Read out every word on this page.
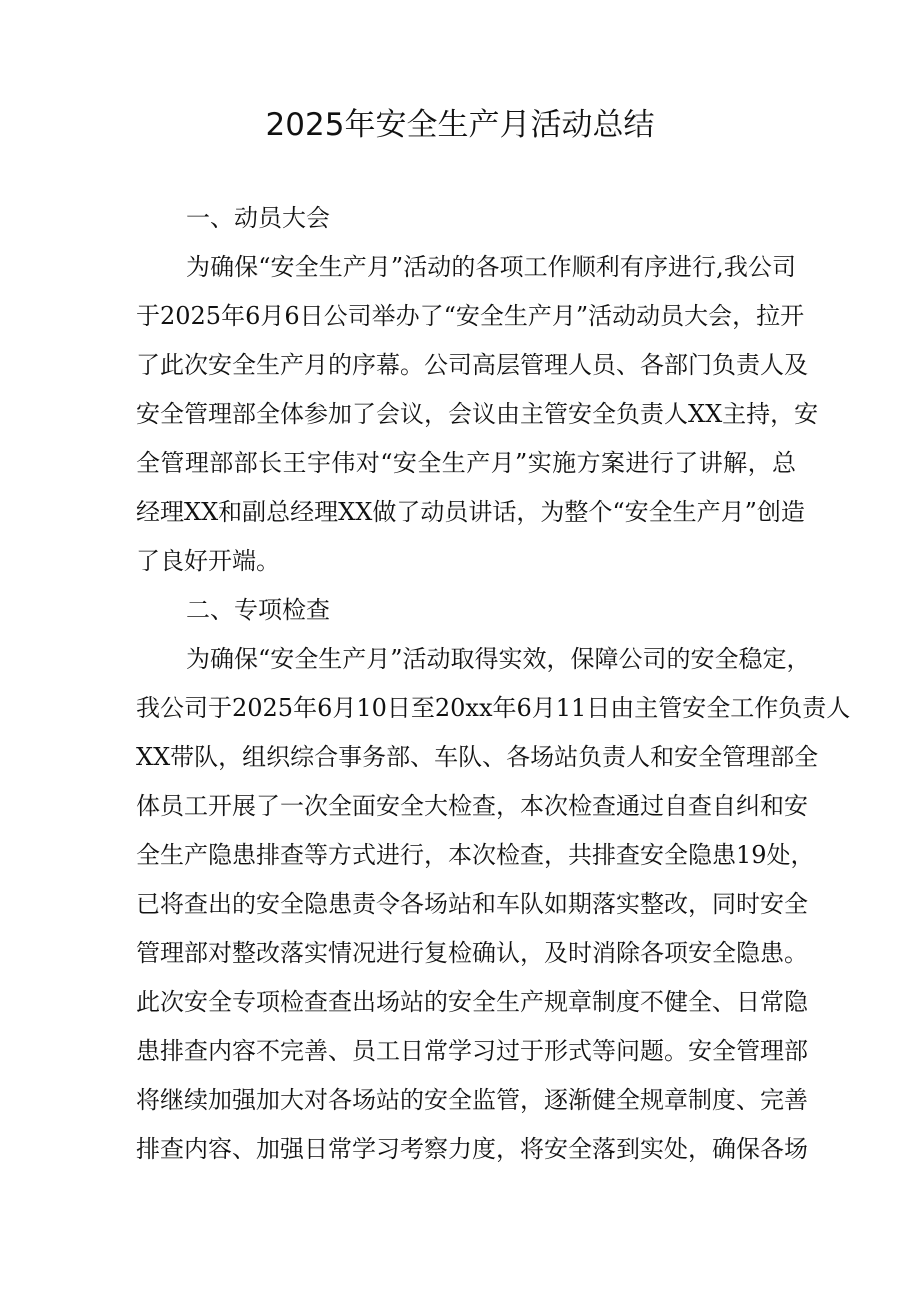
2025年安全生产月活动总结
一、动员大会
为确保“安全生产月”活动的各项工作顺利有序进行,我公司
于2025年6月6日公司举办了“安全生产月”活动动员大会，拉开
了此次安全生产月的序幕。公司高层管理人员、各部门负责人及
安全管理部全体参加了会议，会议由主管安全负责人XX主持，安
全管理部部长王宇伟对“安全生产月”实施方案进行了讲解，总
经理XX和副总经理XX做了动员讲话，为整个“安全生产月”创造
了良好开端。
二、专项检查
为确保“安全生产月”活动取得实效，保障公司的安全稳定，
我公司于2025年6月10日至20xx年6月11日由主管安全工作负责人
XX带队，组织综合事务部、车队、各场站负责人和安全管理部全
体员工开展了一次全面安全大检查，本次检查通过自查自纠和安
全生产隐患排查等方式进行，本次检查，共排查安全隐患19处，
已将查出的安全隐患责令各场站和车队如期落实整改，同时安全
管理部对整改落实情况进行复检确认，及时消除各项安全隐患。
此次安全专项检查查出场站的安全生产规章制度不健全、日常隐
患排查内容不完善、员工日常学习过于形式等问题。安全管理部
将继续加强加大对各场站的安全监管，逐渐健全规章制度、完善
排查内容、加强日常学习考察力度，将安全落到实处，确保各场
